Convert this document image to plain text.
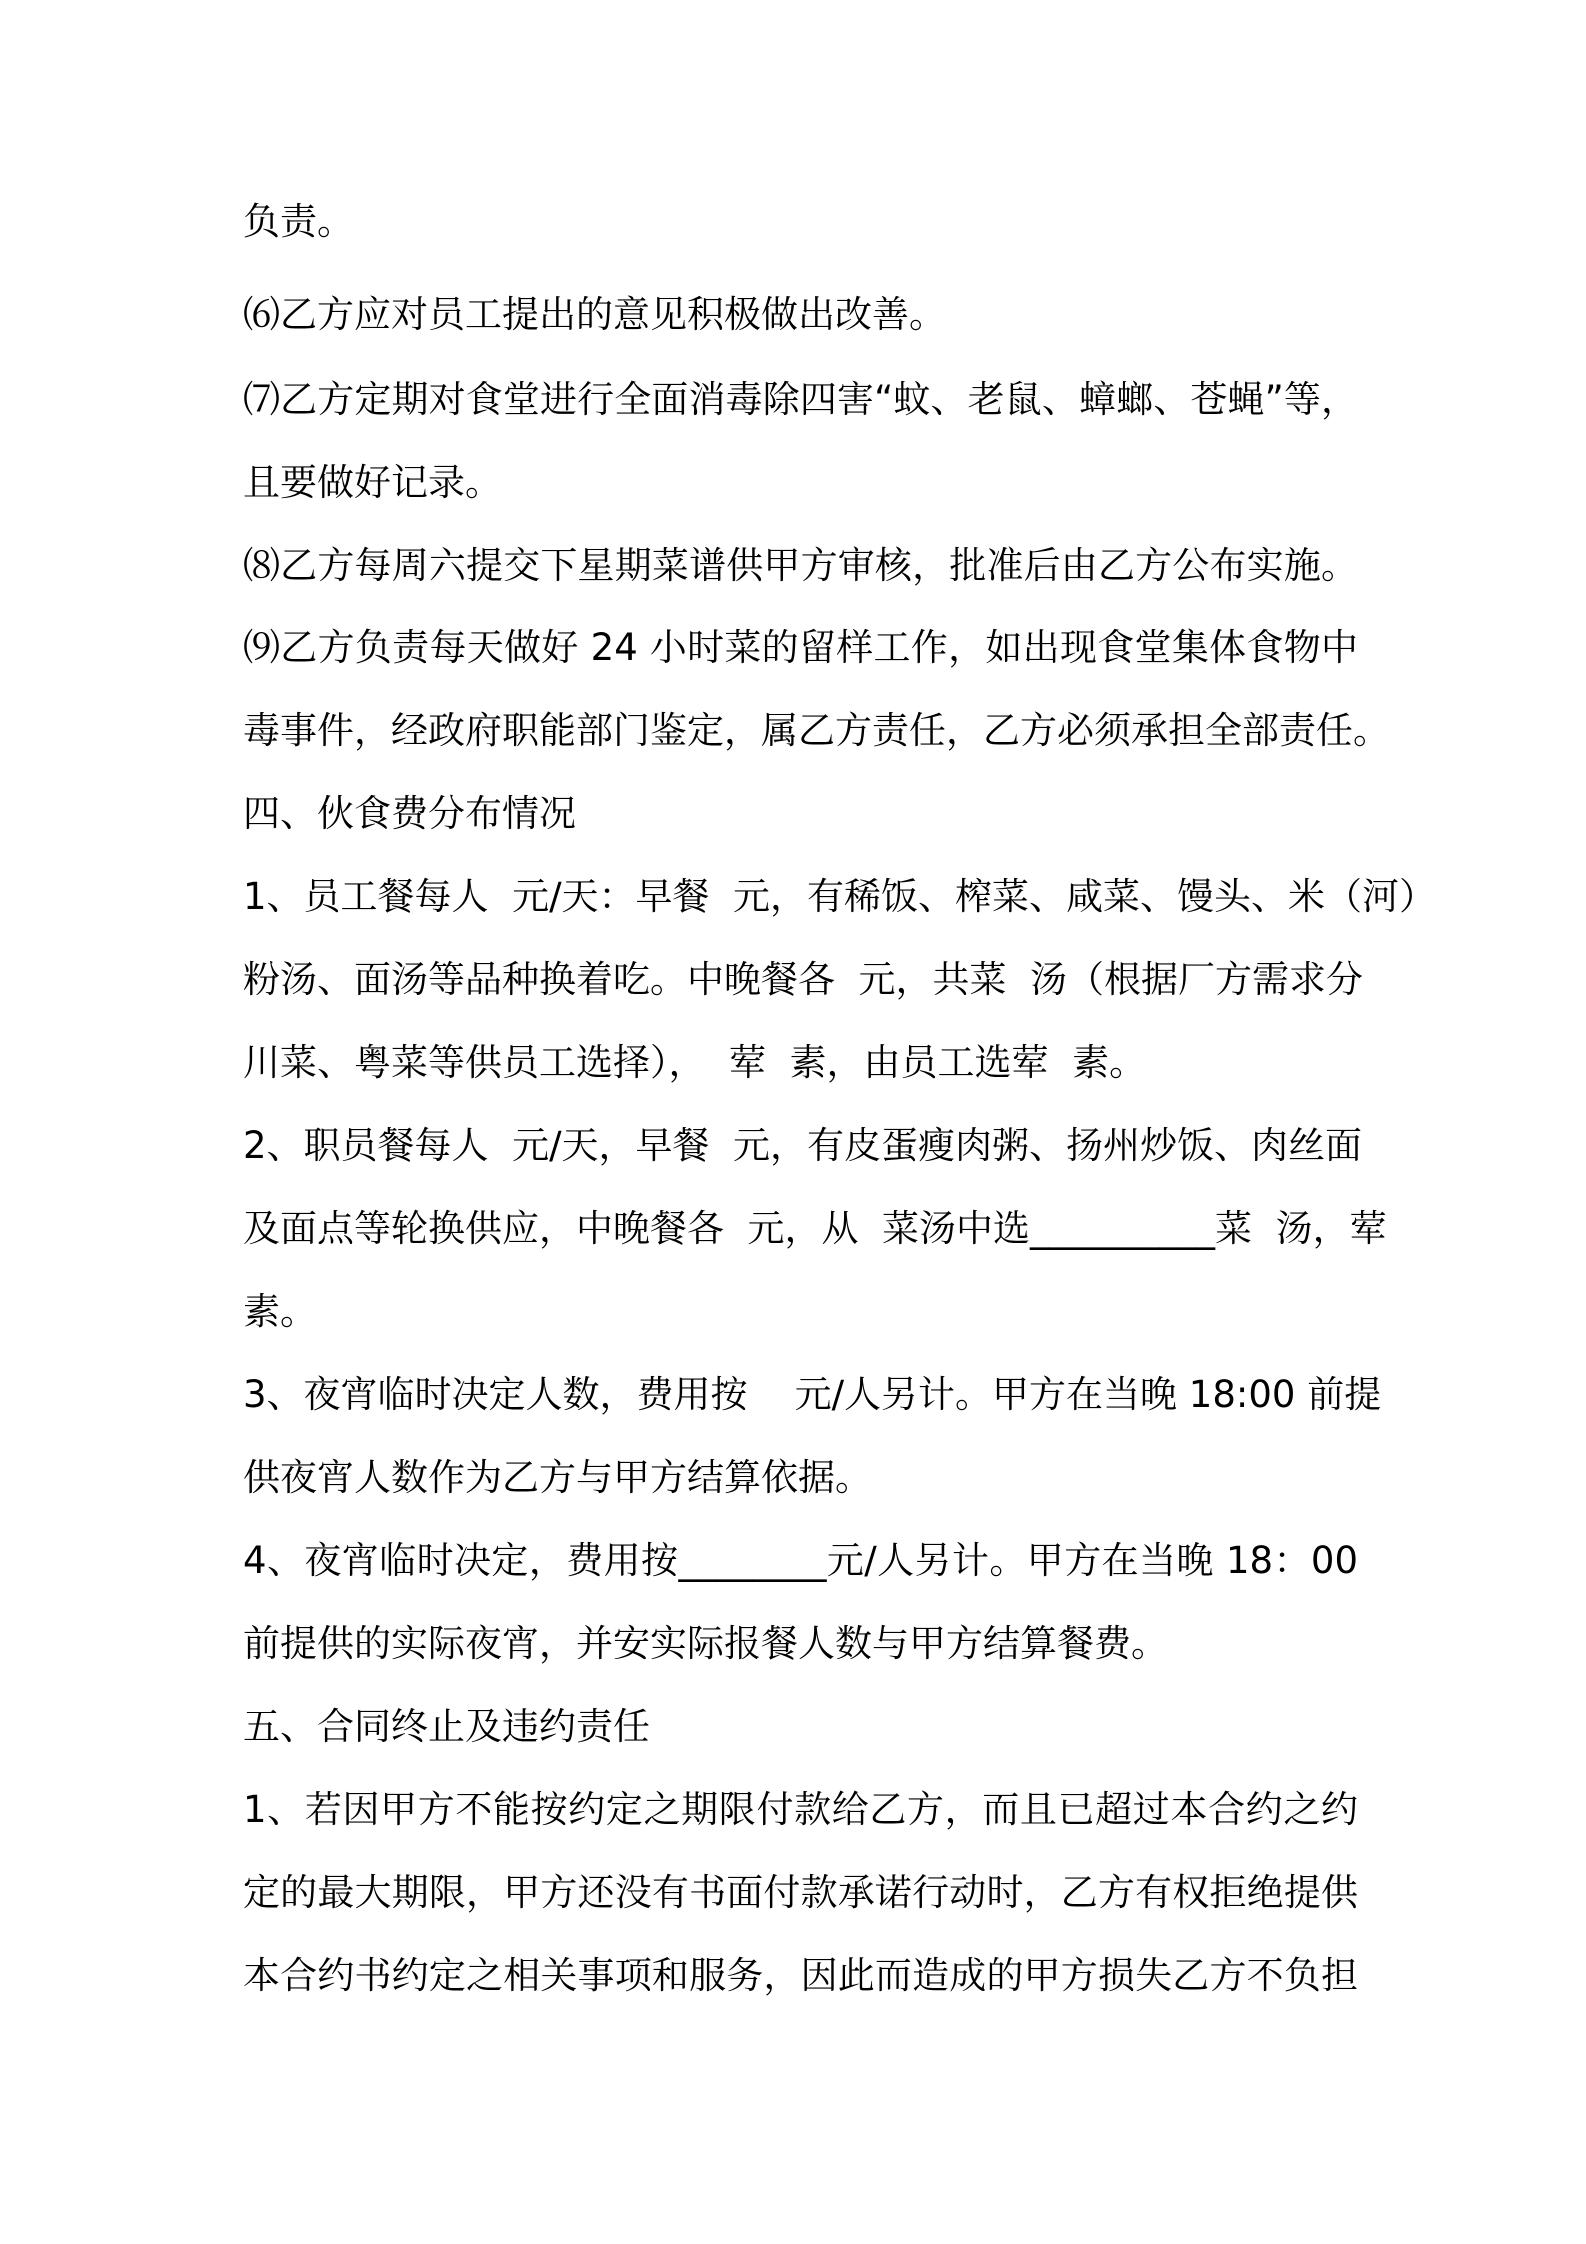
负责。
⑹乙方应对员工提出的意见积极做出改善。
⑺乙方定期对食堂进行全面消毒除四害“蚊、老鼠、蟑螂、苍蝇”等，
且要做好记录。
⑻乙方每周六提交下星期菜谱供甲方审核，批准后由乙方公布实施。
⑼乙方负责每天做好 24 小时菜的留样工作，如出现食堂集体食物中
毒事件，经政府职能部门鉴定，属乙方责任，乙方必须承担全部责任。
四、伙食费分布情况
1、员工餐每人  元/天：早餐  元，有稀饭、榨菜、咸菜、馒头、米（河）
粉汤、面汤等品种换着吃。中晚餐各  元，共菜  汤（根据厂方需求分
川菜、粤菜等供员工选择），  荤  素，由员工选荤  素。
2、职员餐每人  元/天，早餐  元，有皮蛋瘦肉粥、扬州炒饭、肉丝面
及面点等轮换供应，中晚餐各  元，从  菜汤中选__________菜  汤，荤
素。
3、夜宵临时决定人数，费用按    元/人另计。甲方在当晚 18:00 前提
供夜宵人数作为乙方与甲方结算依据。
4、夜宵临时决定，费用按________元/人另计。甲方在当晚 18：00
前提供的实际夜宵，并安实际报餐人数与甲方结算餐费。
五、合同终止及违约责任
1、若因甲方不能按约定之期限付款给乙方，而且已超过本合约之约
定的最大期限，甲方还没有书面付款承诺行动时，乙方有权拒绝提供
本合约书约定之相关事项和服务，因此而造成的甲方损失乙方不负担
